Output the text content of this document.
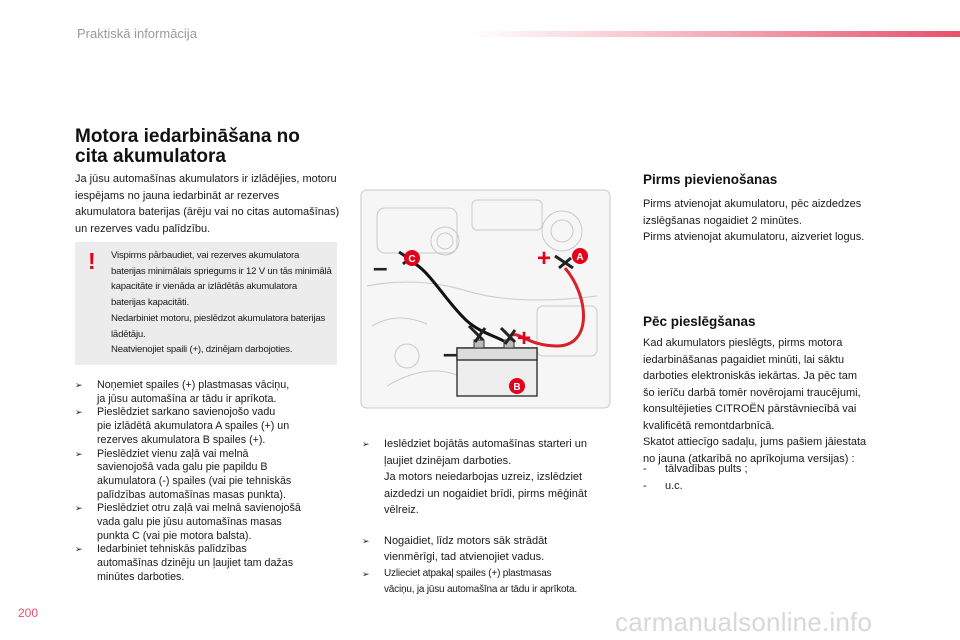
Praktiskā informācija
Motora iedarbināšana no cita akumulatora
Ja jūsu automašīnas akumulators ir izlādējies, motoru iespējams no jauna iedarbināt ar rezerves akumulatora baterijas (ārēju vai no citas automašīnas) un rezerves vadu palīdzību.
! Vispirms pārbaudiet, vai rezerves akumulatora baterijas minimālais spriegums ir 12 V un tās minimālā kapacitāte ir vienāda ar izlādētās akumulatora baterijas kapacitāti.
Nedarbiniet motoru, pieslēdzot akumulatora baterijas lādētāju.
Neatvienojiet spaili (+), dzinējam darbojoties.
➢ Noņemiet spailes (+) plastmasas vāciņu,
ja jūsu automašīna ar tādu ir aprīkota.
➢ Pieslēdziet sarkano savienojošo vadu
pie izlādētā akumulatora A spailes (+) un
rezerves akumulatora B spailes (+).
➢ Pieslēdziet vienu zaļā vai melnā
savienojošā vada galu pie papildu B
akumulatora (-) spailes (vai pie tehniskās
palīdzības automašīnas masas punkta).
➢ Pieslēdziet otru zaļā vai melnā savienojošā
vada galu pie jūsu automašīnas masas
punkta C (vai pie motora balsta).
➢ Iedarbiniet tehniskās palīdzības
automašīnas dzinēju un ļaujiet tam dažas
minūtes darboties.
+
–
+
–
C	A
B
➢ Iesl​ēdziet bojātās automašīnas starteri un
ļaujiet dzinējam darboties.
Ja motors neiedarbojas uzreiz, izslēdziet
aizdedzi un nogaidiet brīdi, pirms mēģināt
vēlreiz.
➢ Nogaidiet, līdz motors sāk strādāt
vienmērīgi, tad atvienojiet vadus.
➢ Uzlieciet atpakaļ spailes (+) plastmasas
vāciņu, ja jūsu automašīna ar tādu ir aprīkota.
Pirms pievienošanas
Pirms atvienojat akumulatoru, pēc aizdedzes
izslēgšanas nogaidiet 2 minūtes.
Pirms atvienojat akumulatoru, aizveriet logus.
Pēc pieslēgšanas
Kad akumulators pieslēgts, pirms motora
iedarbināšanas pagaidiet minūti, lai sāktu
darboties elektroniskās iekārtas. Ja pēc tam
šo ierīču darbā tomēr novērojami traucējumi,
konsultējieties CITROËN pārstāvniecībā vai
kvalificētā remontdarbnīcā.
Skatot attiecīgo sadaļu, jums pašiem jāiestata
no jauna (atkarībā no aprīkojuma versijas) :
- tālvadības pults ;
- u.c.
200	carmanualsonline.info
